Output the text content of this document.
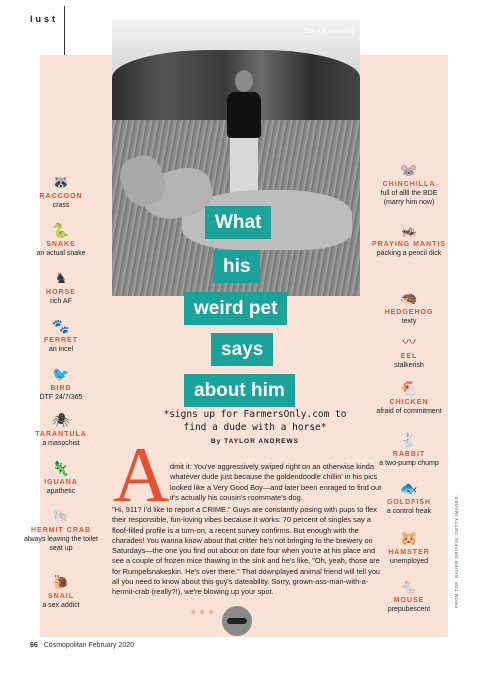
lust
Cow + mama's boy
What
his
weird pet
says
about him
*signs up for FarmersOnly.com to find a dude with a horse*
By TAYLOR ANDREWS
A dmit it: You've aggressively swiped right on an otherwise kinda whatever dude just because the goldendoodle chillin' in his pics looked like a Very Good Boy—and later been enraged to find out it's actually his cousin's roommate's dog.
"Hi, 911? I'd like to report a CRIME." Guys are constantly posing with pups to flex their responsible, fun-loving vibes because it works: 70 percent of singles say a floof-filled profile is a turn-on, a recent survey confirms. But enough with the charades! You wanna know about that critter he's not bringing to the brewery on Saturdays—the one you find out about on date four when you're at his place and see a couple of frozen mice thawing in the sink and he's like, "Oh, yeah, those are for Rumpelsnakeskin. He's over there." That downplayed animal friend will tell you all you need to know about this guy's dateability. Sorry, grown-ass-man-with-a-hermit-crab (really?!), we're blowing up your spot.
🦝
RACCOON
crass
🐍
SNAKE
an actual snake
♞
HORSE
rich AF
🐾
FERRET
an incel
🐦
BIRD
DTF 24/7/365
🕷
TARANTULA
a masochist
🦎
IGUANA
apathetic
🐚
HERMIT CRAB
always leaving the toilet seat up
🐌
SNAIL
a sex addict
🐭
CHINCHILLA
full of allll the BDE (marry him now)
🦗
PRAYING MANTIS
packing a pencil dick
🦔
HEDGEHOG
texty
〰
EEL
stalkerish
🐔
CHICKEN
afraid of commitment
🐇
RABBIT
a two-pump chump
🐟
GOLDFISH
a control freak
🐹
HAMSTER
unemployed
🐁
MOUSE
prepubescent
FROM TOP: BAUER GRIFFIN; GETTY IMAGES.
✧ ✧ ✧
66 Cosmopolitan February 2020
